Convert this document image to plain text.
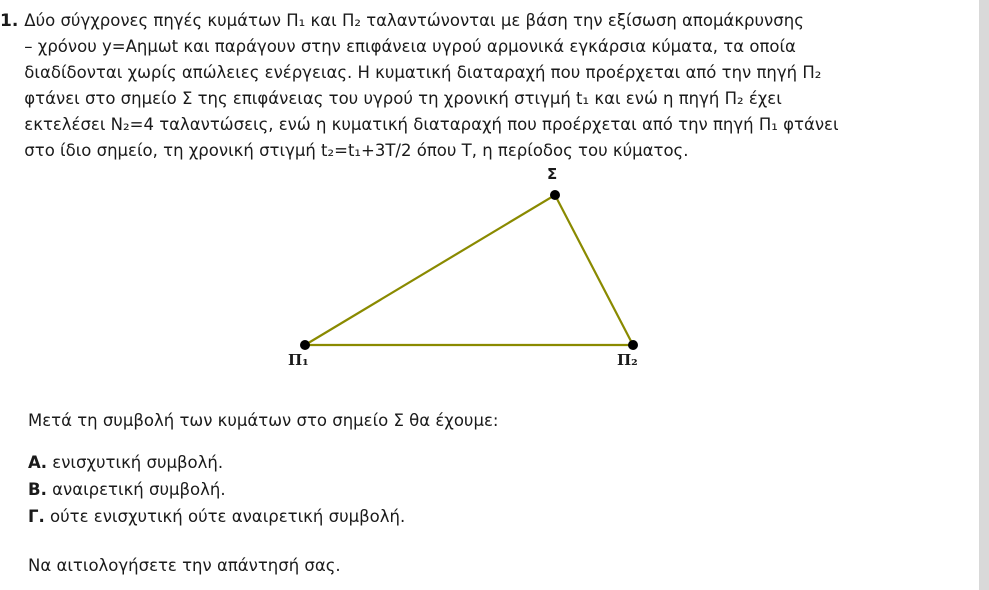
1. Δύο σύγχρονες πηγές κυμάτων Π₁ και Π₂ ταλαντώνονται με βάση την εξίσωση απομάκρυνσης
– χρόνου y=Aημωt και παράγουν στην επιφάνεια υγρού αρμονικά εγκάρσια κύματα, τα οποία
διαδίδονται χωρίς απώλειες ενέργειας. Η κυματική διαταραχή που προέρχεται από την πηγή Π₂
φτάνει στο σημείο Σ της επιφάνειας του υγρού τη χρονική στιγμή t₁ και ενώ η πηγή Π₂ έχει
εκτελέσει N₂=4 ταλαντώσεις, ενώ η κυματική διαταραχή που προέρχεται από την πηγή Π₁ φτάνει
στο ίδιο σημείο, τη χρονική στιγμή t₂=t₁+3T/2 όπου T, η περίοδος του κύματος.
Σ
Π₁	Π₂
Μετά τη συμβολή των κυμάτων στο σημείο Σ θα έχουμε:
Α. ενισχυτική συμβολή.
Β. αναιρετική συμβολή.
Γ. ούτε ενισχυτική ούτε αναιρετική συμβολή.
Να αιτιολογήσετε την απάντησή σας.
